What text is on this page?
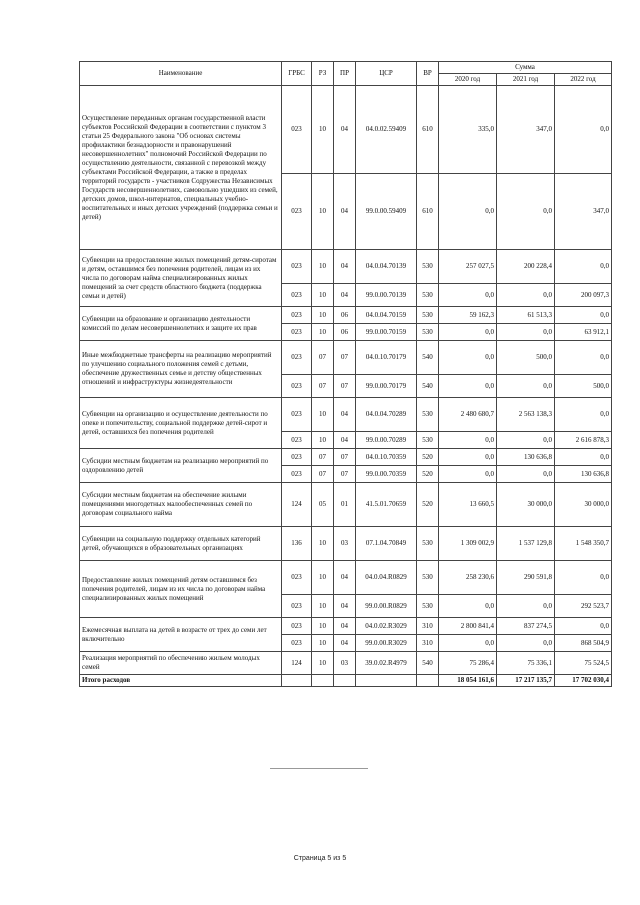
Наименование	ГРБС	РЗ	ПР	ЦСР	ВР	Сумма		
						2020 год	2021 год	2022 год
Осуществление переданных органам государственной власти субъектов Российской Федерации в соответствии с пунктом 3 статьи 25 Федерального закона "Об основах системы профилактики безнадзорности и правонарушений несовершеннолетних" полномочий Российской Федерации по осуществлению деятельности, связанной с перевозкой между субъектами Российской Федерации, а также в пределах территорий государств - участников Содружества Независимых Государств несовершеннолетних, самовольно ушедших из семей, детских домов, школ-интернатов, специальных учебно-воспитательных и иных детских учреждений (поддержка семьи и детей)	023	10	04	04.0.02.59409	610	335,0	347,0	0,0
	023	10	04	99.0.00.59409	610	0,0	0,0	347,0
Субвенции на предоставление жилых помещений детям-сиротам и детям, оставшимся без попечения родителей, лицам из их числа по договорам найма специализированных жилых помещений за счет средств областного бюджета (поддержка семьи и детей)	023	10	04	04.0.04.70139	530	257 027,5	200 228,4	0,0
	023	10	04	99.0.00.70139	530	0,0	0,0	200 097,3
Субвенции на образование и организацию деятельности комиссий по делам несовершеннолетних и защите их прав	023	10	06	04.0.04.70159	530	59 162,3	61 513,3	0,0
	023	10	06	99.0.00.70159	530	0,0	0,0	63 912,1
Иные межбюджетные трансферты на реализацию мероприятий по улучшению социального положения семей с детьми, обеспечение дружественных семье и детству общественных отношений и инфраструктуры жизнедеятельности	023	07	07	04.0.10.70179	540	0,0	500,0	0,0
	023	07	07	99.0.00.70179	540	0,0	0,0	500,0
Субвенции на организацию и осуществление деятельности по опеке и попечительству, социальной поддержке детей-сирот и детей, оставшихся без попечения родителей	023	10	04	04.0.04.70289	530	2 480 680,7	2 563 138,3	0,0
	023	10	04	99.0.00.70289	530	0,0	0,0	2 616 878,3
Субсидии местным бюджетам на реализацию мероприятий по оздоровлению детей	023	07	07	04.0.10.70359	520	0,0	130 636,8	0,0
	023	07	07	99.0.00.70359	520	0,0	0,0	130 636,8
Субсидии местным бюджетам на обеспечение жилыми помещениями многодетных малообеспеченных семей по договорам социального найма	124	05	01	41.5.01.70659	520	13 660,5	30 000,0	30 000,0
Субвенции на социальную поддержку отдельных категорий детей, обучающихся в образовательных организациях	136	10	03	07.1.04.70849	530	1 309 002,9	1 537 129,8	1 548 350,7
Предоставление жилых помещений детям оставшимся без попечения родителей, лицам из их числа по договорам найма специализированных жилых помещений	023	10	04	04.0.04.R0829	530	258 230,6	290 591,8	0,0
	023	10	04	99.0.00.R0829	530	0,0	0,0	292 523,7
Ежемесячная выплата на детей в возрасте от трех до семи лет включительно	023	10	04	04.0.02.R3029	310	2 800 841,4	837 274,5	0,0
	023	10	04	99.0.00.R3029	310	0,0	0,0	868 504,9
Реализация мероприятий по обеспечению жильем молодых семей	124	10	03	39.0.02.R4979	540	75 286,4	75 336,1	75 524,5
Итого расходов						18 054 161,6	17 217 135,7	17 702 030,4
Страница 5 из 5
